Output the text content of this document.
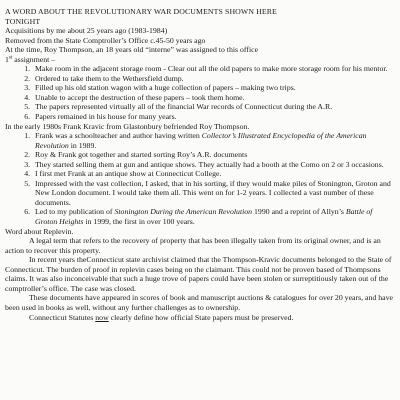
A WORD ABOUT THE REVOLUTIONARY WAR DOCUMENTS SHOWN HERE

TONIGHT

Acquisitions by me about 25 years ago (1983-1984)

Removed from the State Comptroller’s Office c.45-50 years ago

At the time, Roy Thompson, an 18 years old “interne” was assigned to this office

1st assignment –

1. Make room in the adjacent storage room - Clear out all the old papers to make more storage room for his mentor.
2. Ordered to take them to the Wethersfield dump.
3. Filled up his old station wagon with a huge collection of papers – making two trips.
4. Unable to accept the destruction of these papers – took them home.
5. The papers represented virtually all of the financial War records of Connecticut during the A.R.
6. Papers remained in his house for many years.

In the early 1980s Frank Kravic from Glastonbury befriended Roy Thompson.

1. Frank was a schoolteacher and author having written Collector’s Illustrated Encyclopedia of the American Revolution in 1989.
2. Roy & Frank got together and started sorting Roy’s A.R. documents
3. They started selling them at gun and antique shows. They actually had a booth at the Como on 2 or 3 occasions.
4. I first met Frank at an antique show at Connecticut College.
5. Impressed with the vast collection, I asked, that in his sorting, if they would make piles of Stonington, Groton and New London document. I would take them all. This went on for 1-2 years. I collected a vast number of these documents.
6. Led to my publication of Stonington During the American Revolution 1990 and a reprint of Allyn’s Battle of Groton Heights in 1999, the first in over 100 years.

Word about Replevin.

A legal term that refers to the recovery of property that has been illegally taken from its original owner, and is an action to recover this property.

In recent years theConnecticut state archivist claimed that the Thompson-Kravic documents belonged to the State of Connecticut. The burden of proof in replevin cases being on the claimant. This could not be proven based of Thompsons claims. It was also inconceivable that such a huge trove of papers could have been stolen or surreptitiously taken out of the comptroller’s office. The case was closed.

These documents have appeared in scores of book and manuscript auctions & catalogues for over 20 years, and have been used in books as well, without any further challenges as to ownership.

Connecticut Statutes now clearly define how official State papers must be preserved.
